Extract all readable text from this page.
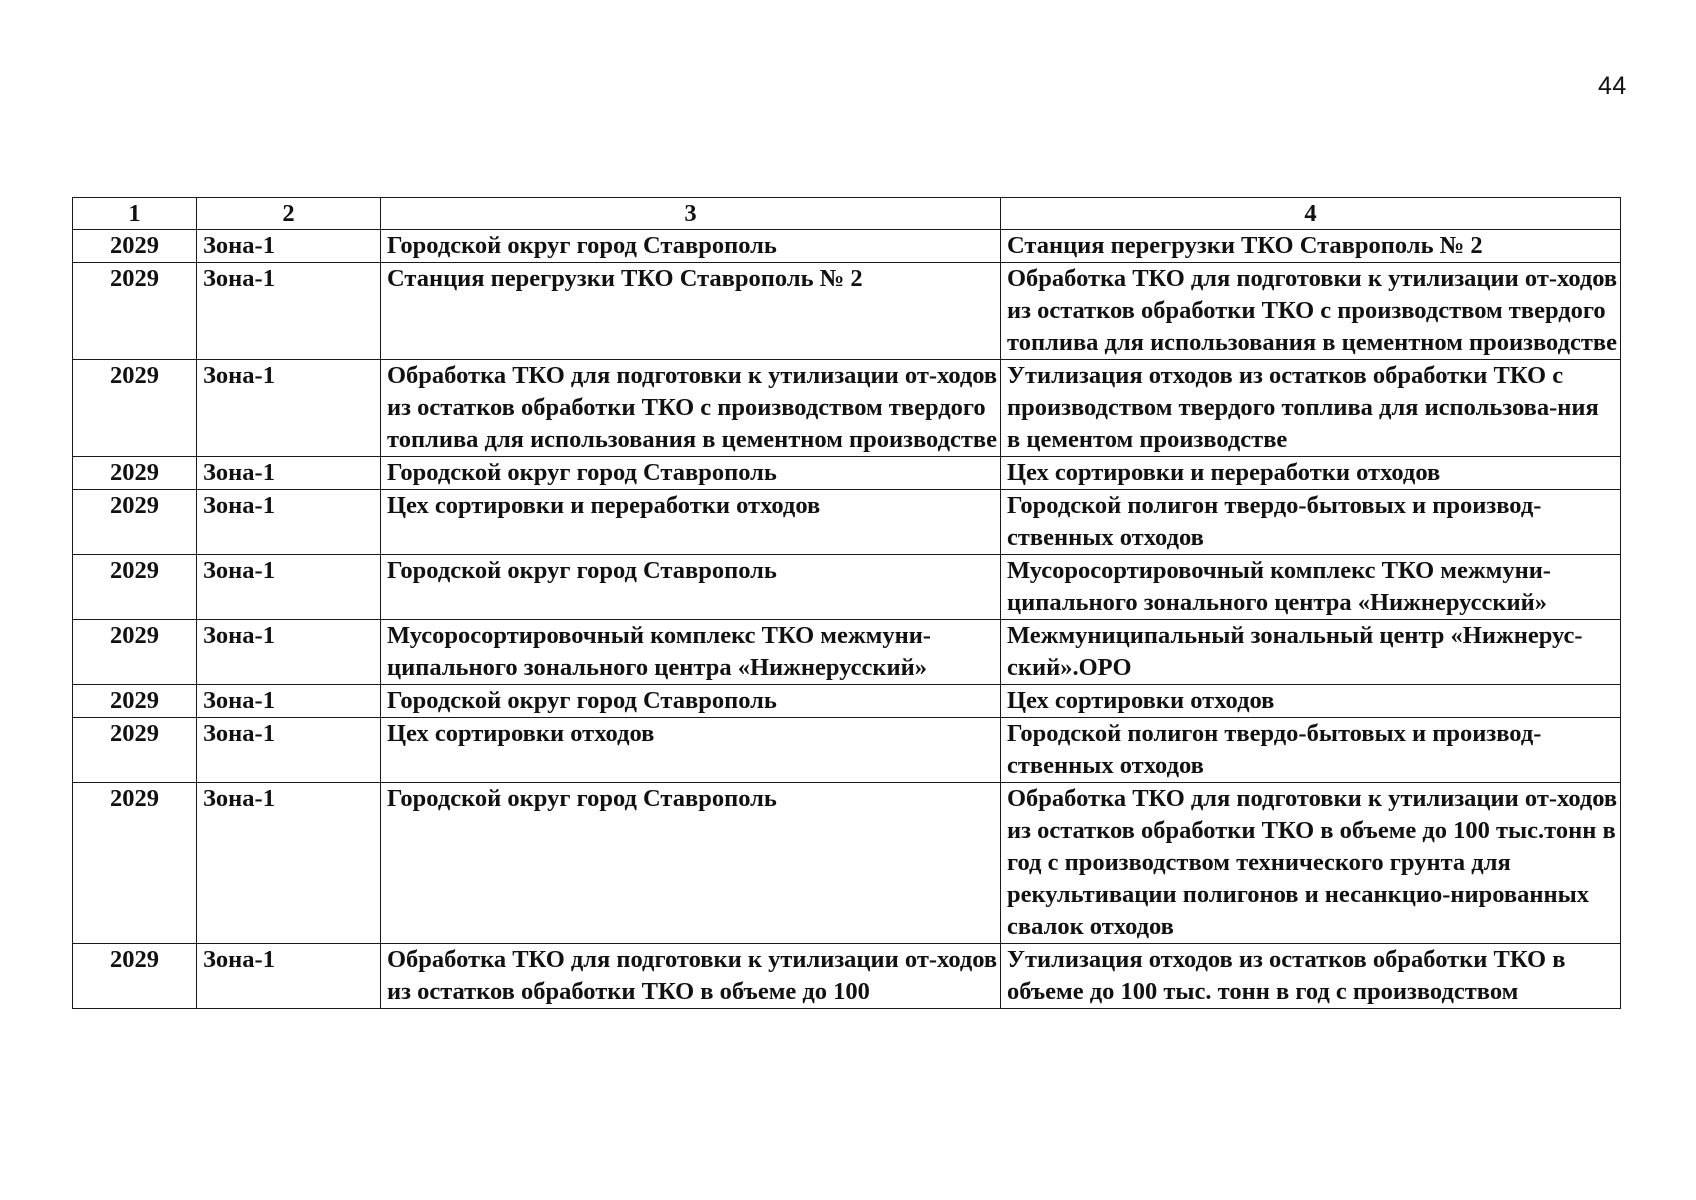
44
1	2	3	4
2029	Зона-1	Городской округ город Ставрополь	Станция перегрузки ТКО Ставрополь № 2
2029	Зона-1	Станция перегрузки ТКО Ставрополь № 2	Обработка ТКО для подготовки к утилизации от-ходов из остатков обработки ТКО с производством твердого топлива для использования в цементном производстве
2029	Зона-1	Обработка ТКО для подготовки к утилизации от-ходов из остатков обработки ТКО с производством твердого топлива для использования в цементном производстве	Утилизация отходов из остатков обработки ТКО с производством твердого топлива для использова-ния в цементом производстве
2029	Зона-1	Городской округ город Ставрополь	Цех сортировки и переработки отходов
2029	Зона-1	Цех сортировки и переработки отходов	Городской полигон твердо-бытовых и производ-ственных отходов
2029	Зона-1	Городской округ город Ставрополь	Мусоросортировочный комплекс ТКО межмуни-ципального зонального центра «Нижнерусский»
2029	Зона-1	Мусоросортировочный комплекс ТКО межмуни-ципального зонального центра «Нижнерусский»	Межмуниципальный зональный центр «Нижнерус-ский».ОРО
2029	Зона-1	Городской округ город Ставрополь	Цех сортировки отходов
2029	Зона-1	Цех сортировки отходов	Городской полигон твердо-бытовых и производ-ственных отходов
2029	Зона-1	Городской округ город Ставрополь	Обработка ТКО для подготовки к утилизации от-ходов из остатков обработки ТКО в объеме до 100 тыс.тонн в год с производством технического грунта для рекультивации полигонов и несанкцио-нированных свалок отходов
2029	Зона-1	Обработка ТКО для подготовки к утилизации от-ходов из остатков обработки ТКО в объеме до 100	Утилизация отходов из остатков обработки ТКО в объеме до 100 тыс. тонн в год с производством
